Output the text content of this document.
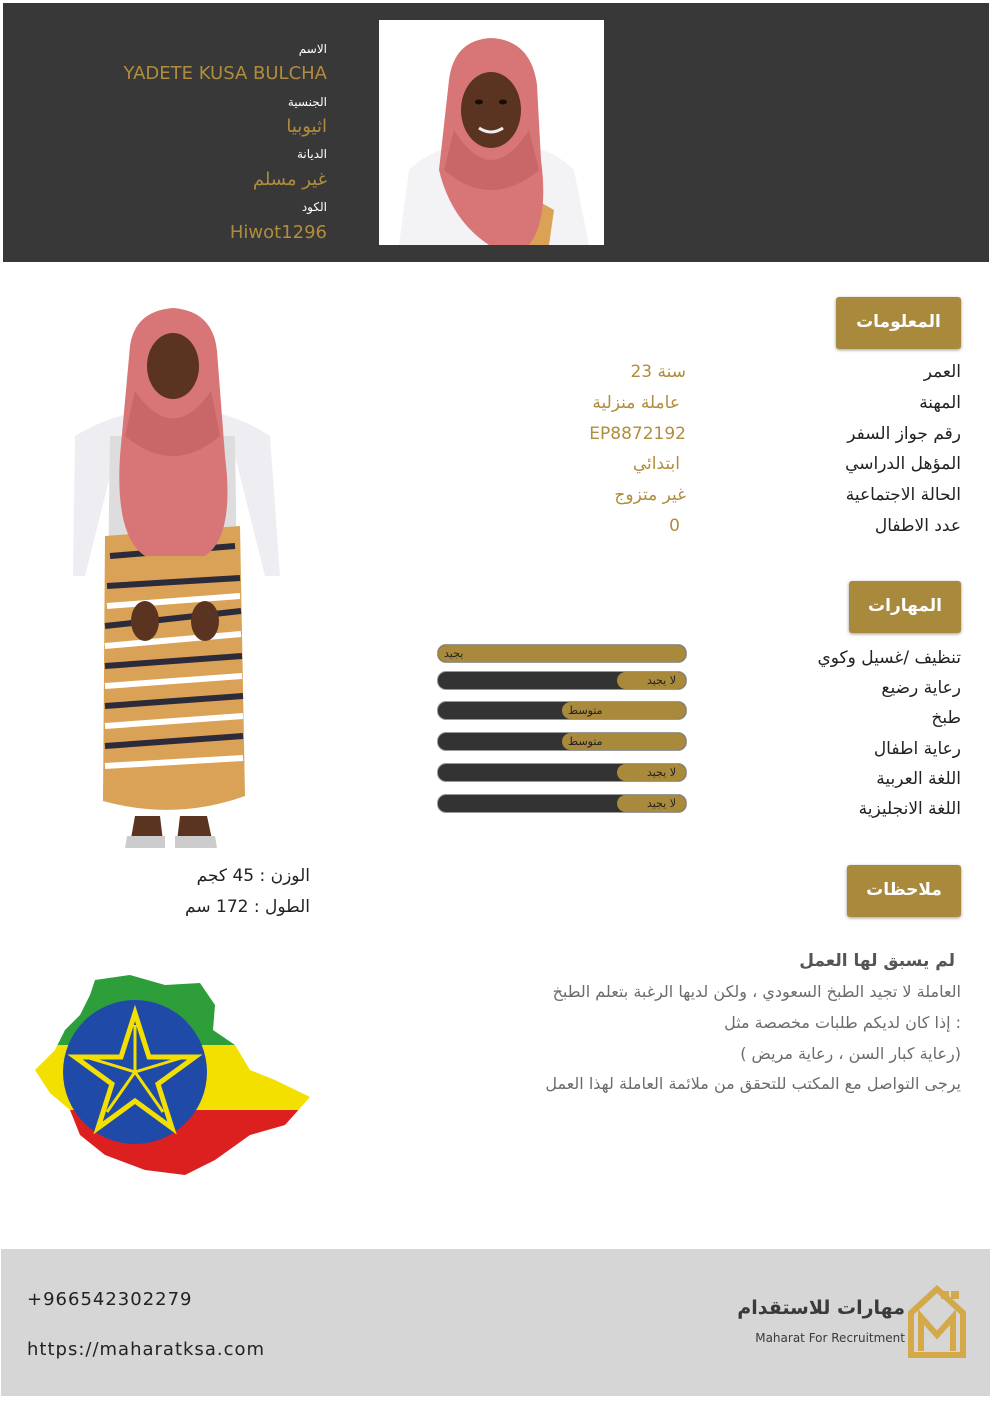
الاسم
YADETE KUSA BULCHA
الجنسية
اثيوبيا
الديانة
غير مسلم
الكود
Hiwot1296
الوزن : 45 كجم
الطول : 172 سم
المعلومات
العمر
23 سنة
المهنة
عاملة منزلية
رقم جواز السفر
EP8872192
المؤهل الدراسي
ابتدائي
الحالة الاجتماعية
غير متزوج
عدد الاطفال
0
المهارات
تنظيف /غسيل وكوي
رعاية رضيع
طبخ
رعاية اطفال
اللغة العربية
اللغة الانجليزية
يجيد
لا يجيد
متوسط
متوسط
لا يجيد
لا يجيد
ملاحظات
لم يسبق لها العمل
العاملة لا تجيد الطبخ السعودي ، ولكن لديها الرغبة بتعلم الطبخ
إذا كان لديكم طلبات مخصصة مثل :
( رعاية كبار السن ، رعاية مريض)
يرجى التواصل مع المكتب للتحقق من ملائمة العاملة لهذا العمل
+966542302279
https://maharatksa.com
مهارات للاستقدام
Maharat For Recruitment
